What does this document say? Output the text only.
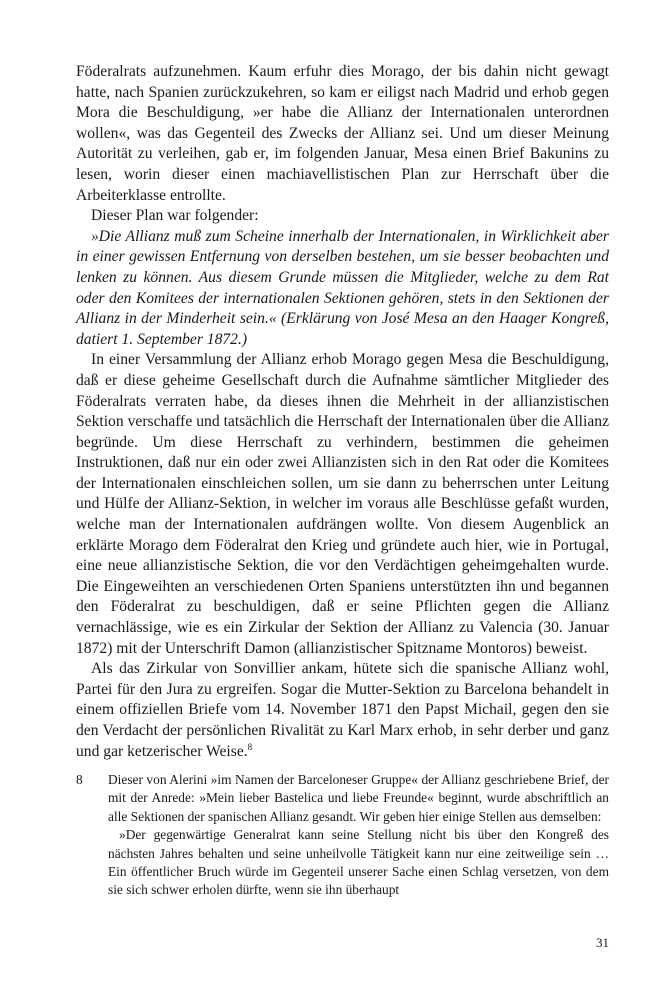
Föderalrats aufzunehmen. Kaum erfuhr dies Morago, der bis dahin nicht gewagt hatte, nach Spanien zurückzukehren, so kam er eiligst nach Madrid und erhob gegen Mora die Beschuldigung, »er habe die Allianz der Internationalen unterordnen wollen«, was das Gegenteil des Zwecks der Allianz sei. Und um dieser Meinung Autorität zu verleihen, gab er, im folgenden Januar, Mesa einen Brief Bakunins zu lesen, worin dieser einen machiavellistischen Plan zur Herrschaft über die Arbeiterklasse entrollte.

Dieser Plan war folgender:

»Die Allianz muß zum Scheine innerhalb der Internationalen, in Wirklichkeit aber in einer gewissen Entfernung von derselben bestehen, um sie besser beobachten und lenken zu können. Aus diesem Grunde müssen die Mitglieder, welche zu dem Rat oder den Komitees der internationalen Sektionen gehören, stets in den Sektionen der Allianz in der Minderheit sein.« (Erklärung von José Mesa an den Haager Kongreß, datiert 1. September 1872.)

In einer Versammlung der Allianz erhob Morago gegen Mesa die Beschuldigung, daß er diese geheime Gesellschaft durch die Aufnahme sämtlicher Mitglieder des Föderalrats verraten habe, da dieses ihnen die Mehrheit in der allianzistischen Sektion verschaffe und tatsächlich die Herrschaft der Internationalen über die Allianz begründe. Um diese Herrschaft zu verhindern, bestimmen die geheimen Instruktionen, daß nur ein oder zwei Allianzisten sich in den Rat oder die Komitees der Internationalen einschleichen sollen, um sie dann zu beherrschen unter Leitung und Hülfe der Allianz-Sektion, in welcher im voraus alle Beschlüsse gefaßt wurden, welche man der Internationalen aufdrängen wollte. Von diesem Augenblick an erklärte Morago dem Föderalrat den Krieg und gründete auch hier, wie in Portugal, eine neue allianzistische Sektion, die vor den Verdächtigen geheimgehalten wurde. Die Eingeweihten an verschiedenen Orten Spaniens unterstützten ihn und begannen den Föderalrat zu beschuldigen, daß er seine Pflichten gegen die Allianz vernachlässige, wie es ein Zirkular der Sektion der Allianz zu Valencia (30. Januar 1872) mit der Unterschrift Damon (allianzistischer Spitzname Montoros) beweist.

Als das Zirkular von Sonvillier ankam, hütete sich die spanische Allianz wohl, Partei für den Jura zu ergreifen. Sogar die Mutter-Sektion zu Barcelona behandelt in einem offiziellen Briefe vom 14. November 1871 den Papst Michail, gegen den sie den Verdacht der persönlichen Rivalität zu Karl Marx erhob, in sehr derber und ganz und gar ketzerischer Weise.$^8$

8 Dieser von Alerini »im Namen der Barceloneser Gruppe« der Allianz geschriebene Brief, der mit der Anrede: »Mein lieber Bastelica und liebe Freunde« beginnt, wurde abschriftlich an alle Sektionen der spanischen Allianz gesandt. Wir geben hier einige Stellen aus demselben:

»Der gegenwärtige Generalrat kann seine Stellung nicht bis über den Kongreß des nächsten Jahres behalten und seine unheilvolle Tätigkeit kann nur eine zeitweilige sein … Ein öffentlicher Bruch würde im Gegenteil unserer Sache einen Schlag versetzen, von dem sie sich schwer erholen dürfte, wenn sie ihn überhaupt

31
